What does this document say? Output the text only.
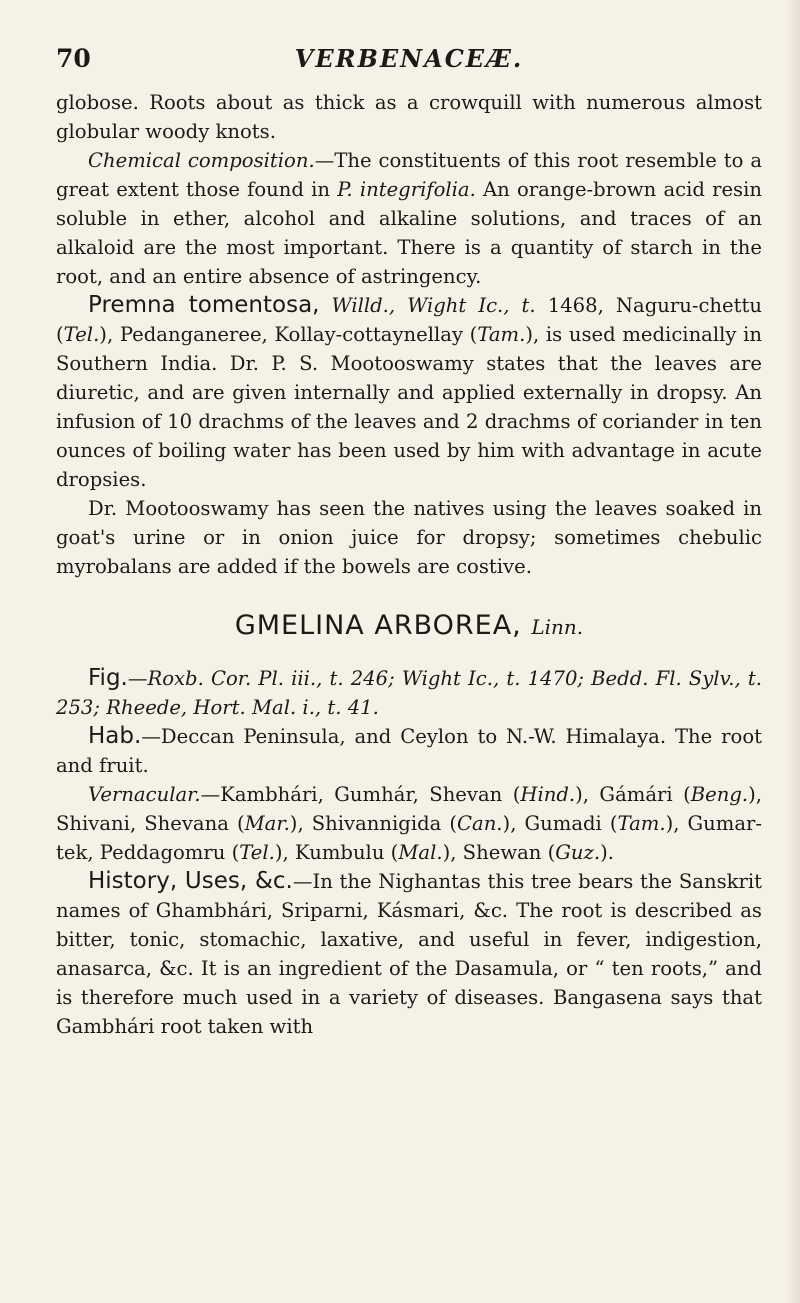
70	VERBENACEÆ.

globose. Roots about as thick as a crowquill with numerous almost globular woody knots.

Chemical composition.—The constituents of this root resemble to a great extent those found in P. integrifolia. An orange-brown acid resin soluble in ether, alcohol and alkaline solutions, and traces of an alkaloid are the most important. There is a quantity of starch in the root, and an entire absence of astringency.

Premna tomentosa, Willd., Wight Ic., t. 1468, Naguru-chettu (Tel.), Pedanganeree, Kollay-cottaynellay (Tam.), is used medicinally in Southern India. Dr. P. S. Mootooswamy states that the leaves are diuretic, and are given internally and applied externally in dropsy. An infusion of 10 drachms of the leaves and 2 drachms of coriander in ten ounces of boiling water has been used by him with advantage in acute dropsies.

Dr. Mootooswamy has seen the natives using the leaves soaked in goat's urine or in onion juice for dropsy; sometimes chebulic myrobalans are added if the bowels are costive.

GMELINA ARBOREA, Linn.

Fig.—Roxb. Cor. Pl. iii., t. 246; Wight Ic., t. 1470; Bedd. Fl. Sylv., t. 253; Rheede, Hort. Mal. i., t. 41.

Hab.—Deccan Peninsula, and Ceylon to N.-W. Himalaya. The root and fruit.

Vernacular.—Kambhári, Gumhár, Shevan (Hind.), Gámári (Beng.), Shivani, Shevana (Mar.), Shivannigida (Can.), Gumadi (Tam.), Gumar-tek, Peddagomru (Tel.), Kumbulu (Mal.), Shewan (Guz.).

History, Uses, &c.—In the Nighantas this tree bears the Sanskrit names of Ghambhári, Sriparni, Kásmari, &c. The root is described as bitter, tonic, stomachic, laxative, and useful in fever, indigestion, anasarca, &c. It is an ingredient of the Dasamula, or “ ten roots,” and is therefore much used in a variety of diseases. Bangasena says that Gambhári root taken with
